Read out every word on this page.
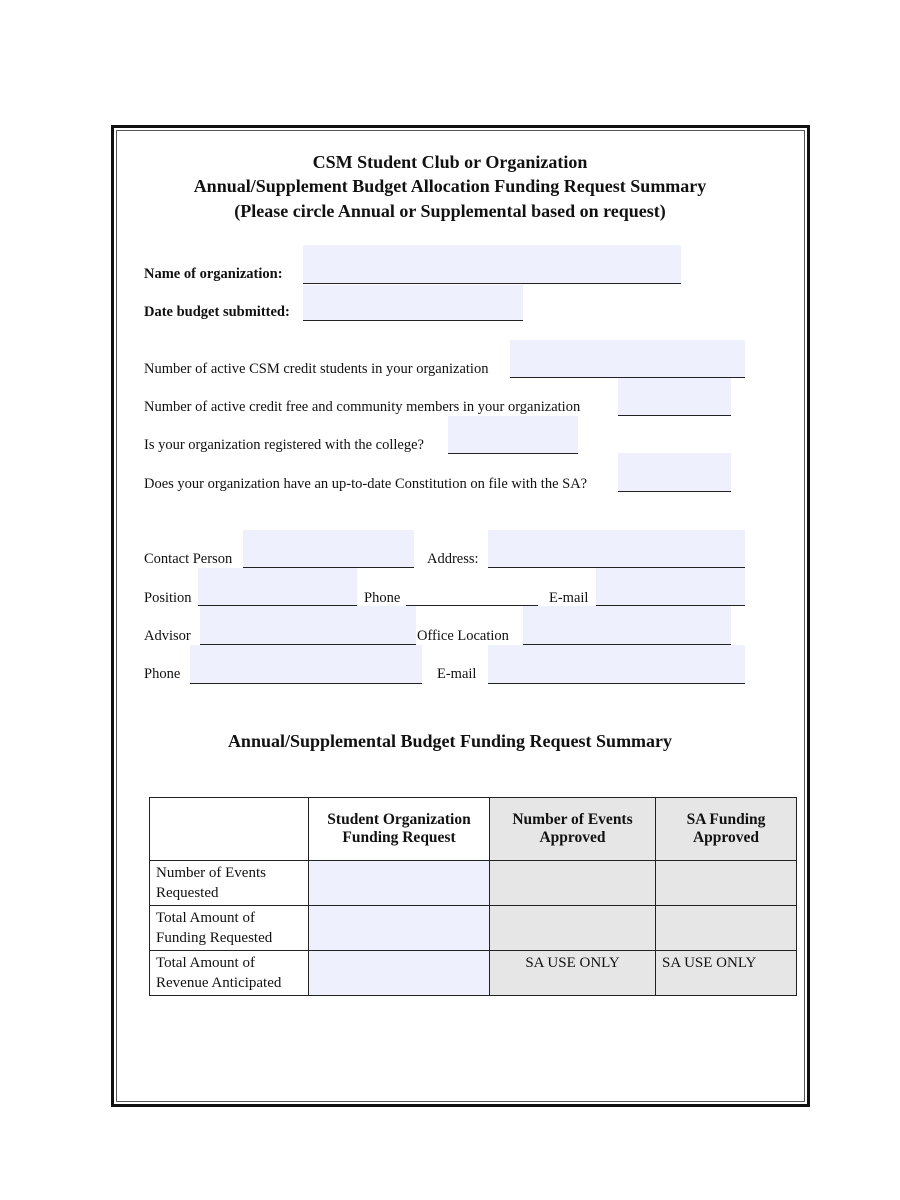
CSM Student Club or Organization
Annual/Supplement Budget Allocation Funding Request Summary
(Please circle Annual or Supplemental based on request)
Name of organization:
Date budget submitted:
Number of active CSM credit students in your organization
Number of active credit free and community members in your organization
Is your organization registered with the college?
Does your organization have an up-to-date Constitution on file with the SA?
Contact Person	Address:
Position	Phone	E-mail
Advisor	Office Location
Phone	E-mail
Annual/Supplemental Budget Funding Request Summary
	Student Organization Funding Request	Number of Events Approved	SA Funding Approved
Number of Events Requested			
Total Amount of Funding Requested			
Total Amount of Revenue Anticipated		SA USE ONLY	SA USE ONLY
